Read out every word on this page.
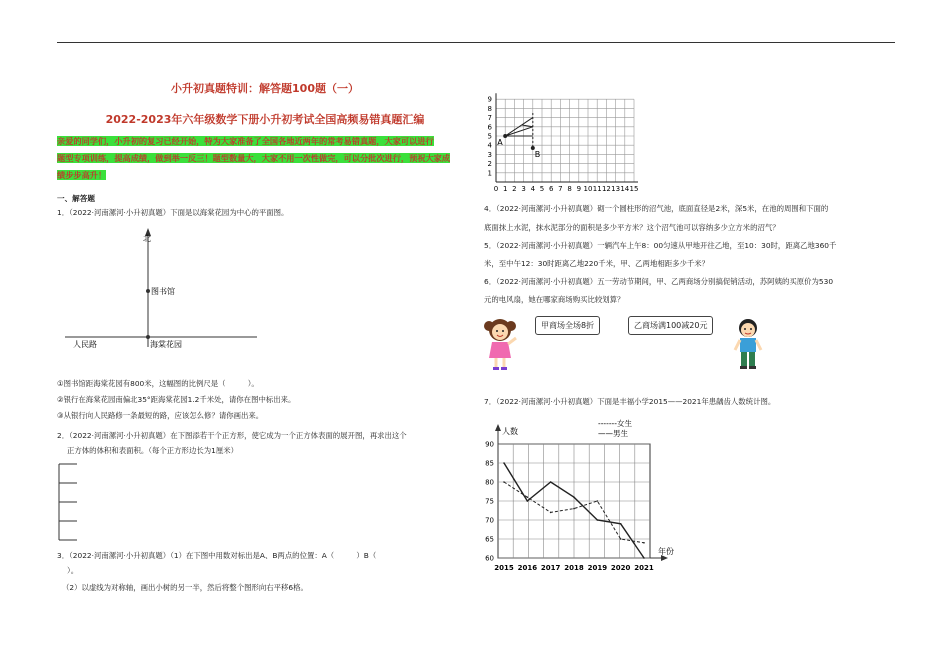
小升初真题特训：解答题100题（一）
2022-2023年六年级数学下册小升初考试全国高频易错真题汇编
亲爱的同学们，小升初的复习已经开始，特为大家准备了全国各地近两年的常考易错真题，大家可以进行
题型专项训练，提高成绩，做到举一反三！题型数量大，大家不用一次性做完，可以分批次进行，预祝大家成
绩步步高升！
一、解答题
1．（2022·河南漯河·小升初真题）下面是以海棠花园为中心的平面图。
北
图书馆
人民路	海棠花园
①图书馆距海棠花园有800米，这幅图的比例尺是（　　　）。
②银行在海棠花园南偏北35°距海棠花园1.2千米处，请你在图中标出来。
③从银行向人民路修一条最短的路，应该怎么修？请你画出来。
2．（2022·河南漯河·小升初真题）在下图添若干个正方形，使它成为一个正方体表面的展开图，再求出这个
正方体的体积和表面积。（每个正方形边长为1厘米）
3．（2022·河南漯河·小升初真题）（1）在下图中用数对标出是A、B两点的位置：A（　　　）B（
）。
（2）以虚线为对称轴，画出小树的另一半，然后将整个图形向右平移6格。
0 1 2 3 4 5 6 7 8 9 10 11 12 13 14 15
1
2
3
4
5
6
7
8
9
A
B
4．（2022·河南漯河·小升初真题）砌一个圆柱形的沼气池，底面直径是2米，深5米，在池的周围和下面的
底面抹上水泥，抹水泥部分的面积是多少平方米？这个沼气池可以容纳多少立方米的沼气？
5．（2022·河南漯河·小升初真题）一辆汽车上午8：00匀速从甲地开往乙地，至10：30时，距离乙地360千
米，至中午12：30时距离乙地220千米，甲、乙两地相距多少千米？
6．（2022·河南漯河·小升初真题）五一劳动节期间，甲、乙两商场分别搞促销活动，苏阿姨的买原价为530
元的电风扇，她在哪家商场购买比较划算？
甲商场全场8折	乙商场满100减20元
7．（2022·河南漯河·小升初真题）下面是丰福小学2015——2021年患龋齿人数统计图。
60
65
70
75
80
85
90
人数
年份
2015 2016 2017 2018 2019 2020 2021
-------女生
——男生
